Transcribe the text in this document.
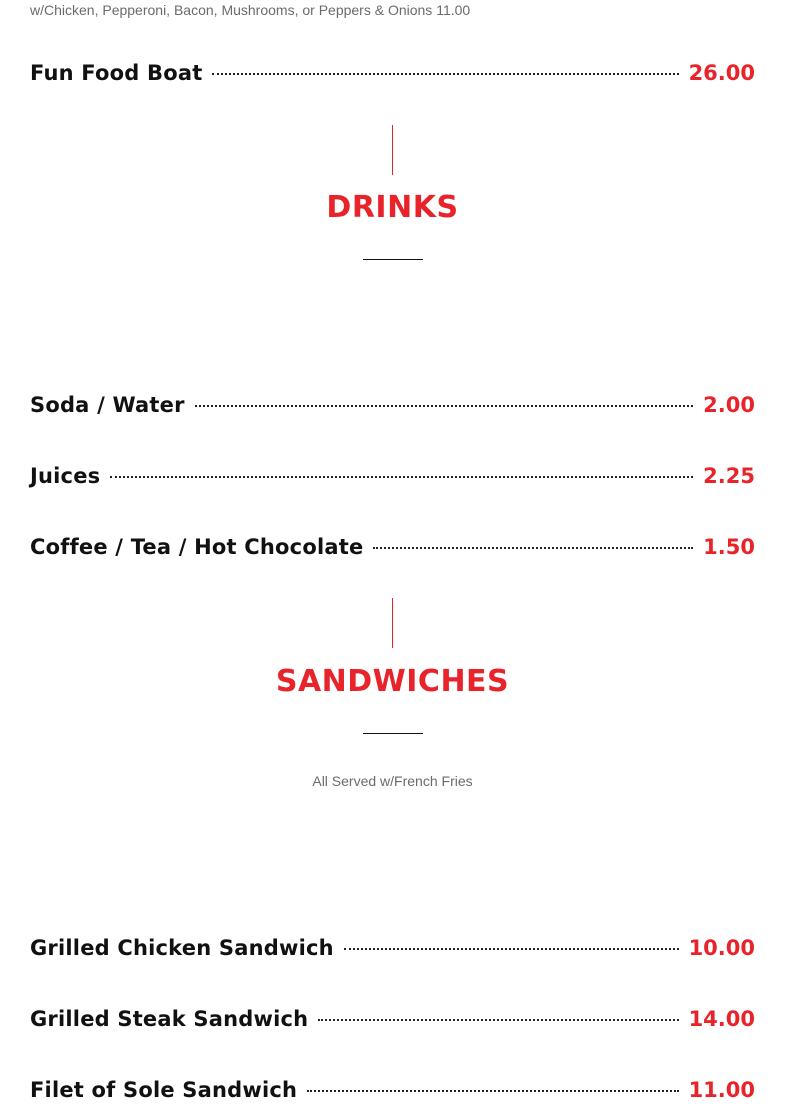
w/Chicken, Pepperoni, Bacon, Mushrooms, or Peppers & Onions 11.00
Fun Food Boat	26.00
DRINKS
Soda / Water	2.00
Juices	2.25
Coffee / Tea / Hot Chocolate	1.50
SANDWICHES
All Served w/French Fries
Grilled Chicken Sandwich	10.00
Grilled Steak Sandwich	14.00
Filet of Sole Sandwich	11.00
